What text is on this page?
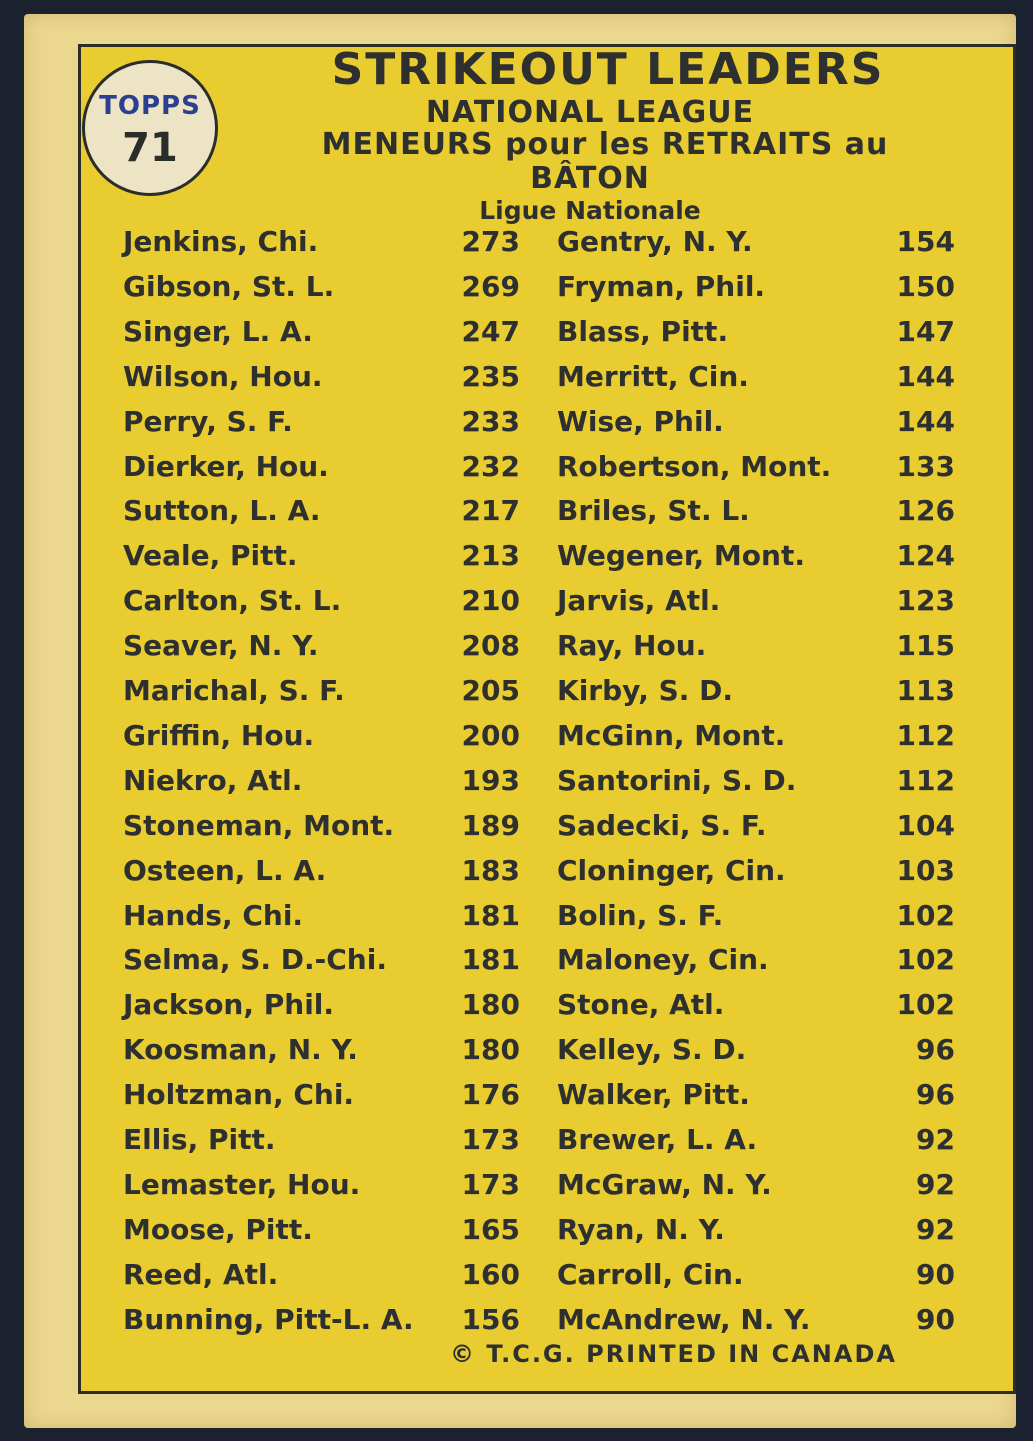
TOPPS
71
STRIKEOUT LEADERS
NATIONAL LEAGUE
MENEURS pour les RETRAITS au
BÂTON
Ligue Nationale
Jenkins, Chi.	273
Gibson, St. L.	269
Singer, L. A.	247
Wilson, Hou.	235
Perry, S. F.	233
Dierker, Hou.	232
Sutton, L. A.	217
Veale, Pitt.	213
Carlton, St. L.	210
Seaver, N. Y.	208
Marichal, S. F.	205
Griffin, Hou.	200
Niekro, Atl.	193
Stoneman, Mont.	189
Osteen, L. A.	183
Hands, Chi.	181
Selma, S. D.-Chi.	181
Jackson, Phil.	180
Koosman, N. Y.	180
Holtzman, Chi.	176
Ellis, Pitt.	173
Lemaster, Hou.	173
Moose, Pitt.	165
Reed, Atl.	160
Bunning, Pitt-L. A.	156
Gentry, N. Y.	154
Fryman, Phil.	150
Blass, Pitt.	147
Merritt, Cin.	144
Wise, Phil.	144
Robertson, Mont.	133
Briles, St. L.	126
Wegener, Mont.	124
Jarvis, Atl.	123
Ray, Hou.	115
Kirby, S. D.	113
McGinn, Mont.	112
Santorini, S. D.	112
Sadecki, S. F.	104
Cloninger, Cin.	103
Bolin, S. F.	102
Maloney, Cin.	102
Stone, Atl.	102
Kelley, S. D.	96
Walker, Pitt.	96
Brewer, L. A.	92
McGraw, N. Y.	92
Ryan, N. Y.	92
Carroll, Cin.	90
McAndrew, N. Y.	90
© T.C.G. PRINTED IN CANADA
